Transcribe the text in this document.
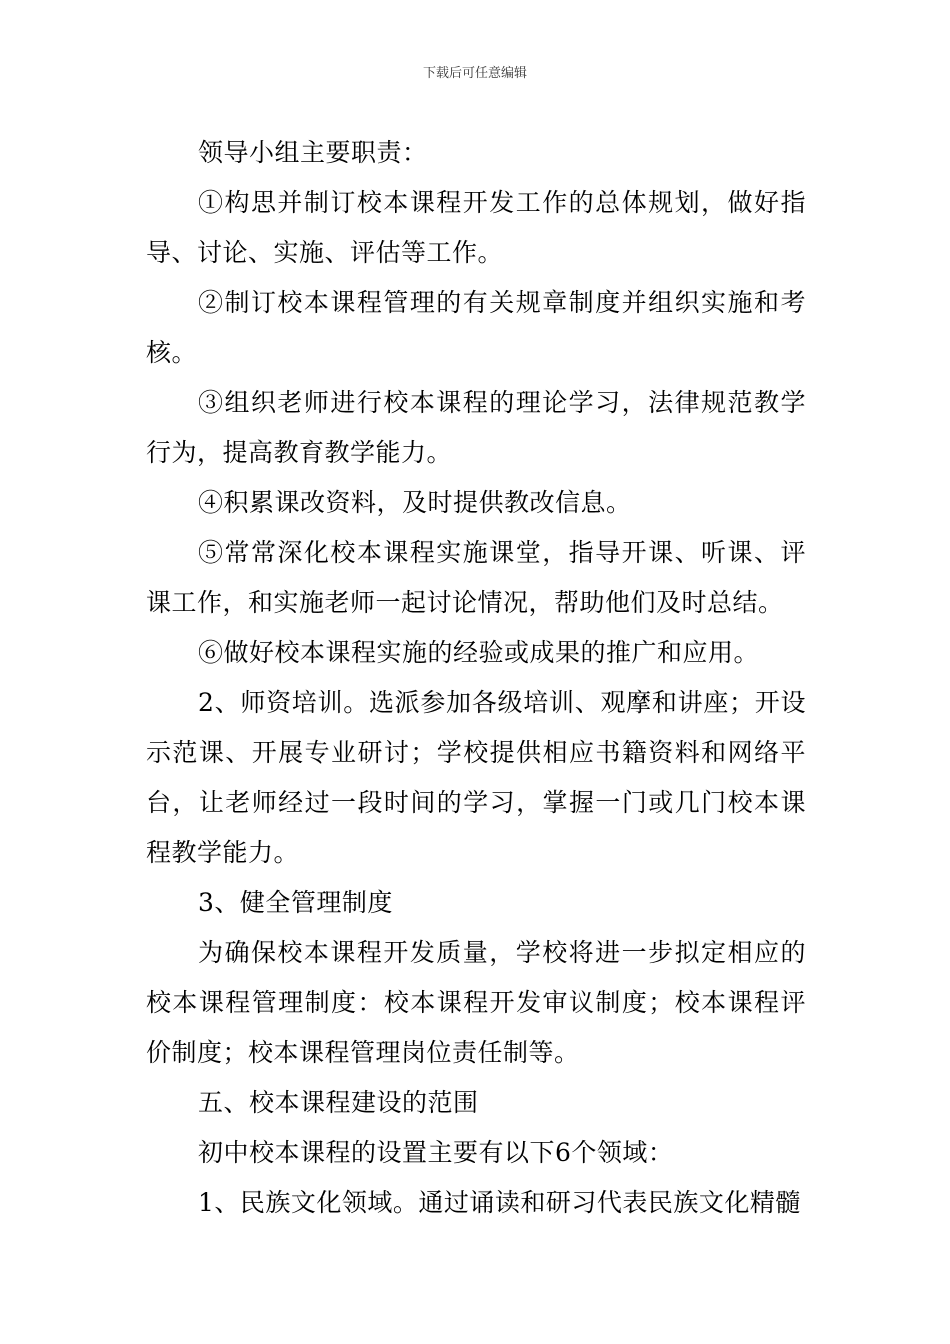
下载后可任意编辑

领导小组主要职责：

①构思并制订校本课程开发工作的总体规划，做好指导、讨论、实施、评估等工作。

②制订校本课程管理的有关规章制度并组织实施和考核。

③组织老师进行校本课程的理论学习，法律规范教学行为，提高教育教学能力。

④积累课改资料，及时提供教改信息。

⑤常常深化校本课程实施课堂，指导开课、听课、评课工作，和实施老师一起讨论情况，帮助他们及时总结。

⑥做好校本课程实施的经验或成果的推广和应用。

2、师资培训。选派参加各级培训、观摩和讲座；开设示范课、开展专业研讨；学校提供相应书籍资料和网络平台，让老师经过一段时间的学习，掌握一门或几门校本课程教学能力。

3、健全管理制度

为确保校本课程开发质量，学校将进一步拟定相应的校本课程管理制度：校本课程开发审议制度；校本课程评价制度；校本课程管理岗位责任制等。

五、校本课程建设的范围

初中校本课程的设置主要有以下6个领域：

1、民族文化领域。通过诵读和研习代表民族文化精髓
